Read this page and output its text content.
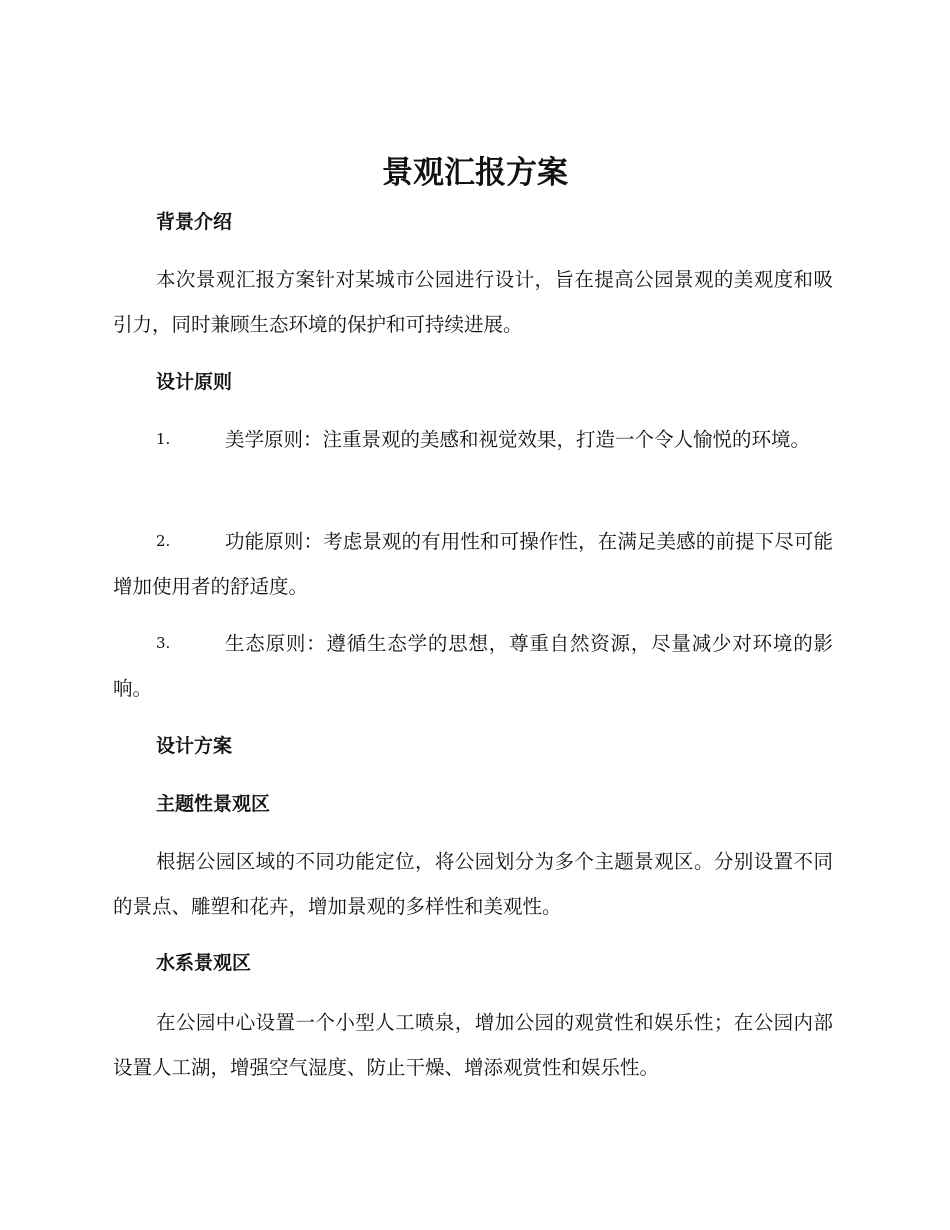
景观汇报方案
背景介绍

本次景观汇报方案针对某城市公园进行设计，旨在提高公园景观的美观度和吸引力，同时兼顾生态环境的保护和可持续进展。

设计原则
1.	美学原则：注重景观的美感和视觉效果，打造一个令人愉悦的环境。
2.	功能原则：考虑景观的有用性和可操作性，在满足美感的前提下尽可能增加使用者的舒适度。
3.	生态原则：遵循生态学的思想，尊重自然资源，尽量减少对环境的影响。
设计方案
主题性景观区

根据公园区域的不同功能定位，将公园划分为多个主题景观区。分别设置不同的景点、雕塑和花卉，增加景观的多样性和美观性。

水系景观区

在公园中心设置一个小型人工喷泉，增加公园的观赏性和娱乐性；在公园内部设置人工湖，增强空气湿度、防止干燥、增添观赏性和娱乐性。
